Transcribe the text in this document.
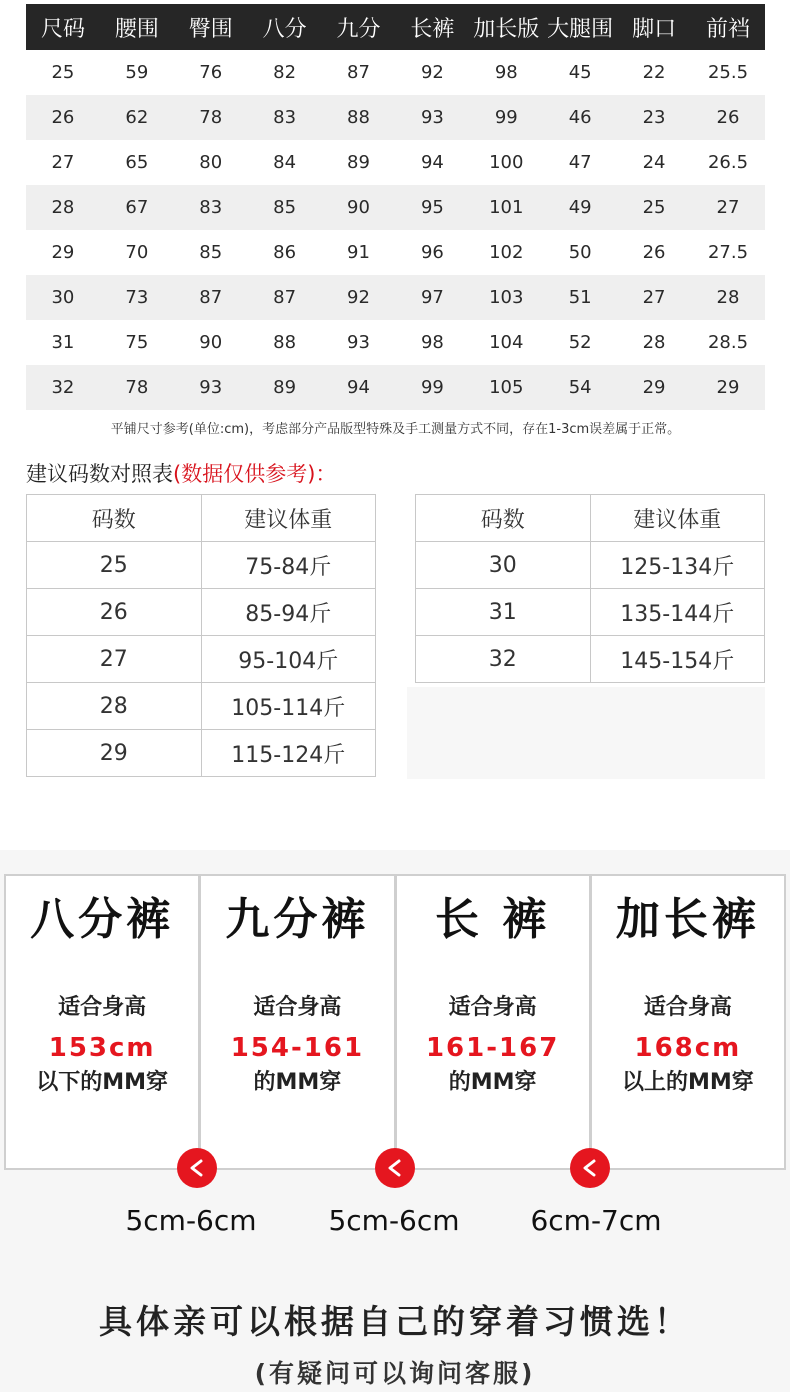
尺码	腰围	臀围	八分	九分	长裤	加长版	大腿围	脚口	前裆
25	59	76	82	87	92	98	45	22	25.5
26	62	78	83	88	93	99	46	23	26
27	65	80	84	89	94	100	47	24	26.5
28	67	83	85	90	95	101	49	25	27
29	70	85	86	91	96	102	50	26	27.5
30	73	87	87	92	97	103	51	27	28
31	75	90	88	93	98	104	52	28	28.5
32	78	93	89	94	99	105	54	29	29
平铺尺寸参考(单位:cm)，考虑部分产品版型特殊及手工测量方式不同，存在1-3cm误差属于正常。
建议码数对照表(数据仅供参考)：
码数	建议体重
25	75-84斤
26	85-94斤
27	95-104斤
28	105-114斤
29	115-124斤
码数	建议体重
30	125-134斤
31	135-144斤
32	145-154斤
八分裤
适合身高
153cm
以下的MM穿
九分裤
适合身高
154-161
的MM穿
长 裤
适合身高
161-167
的MM穿
加长裤
适合身高
168cm
以上的MM穿
5cm-6cm	5cm-6cm	6cm-7cm
具体亲可以根据自己的穿着习惯选！
(有疑问可以询问客服)
